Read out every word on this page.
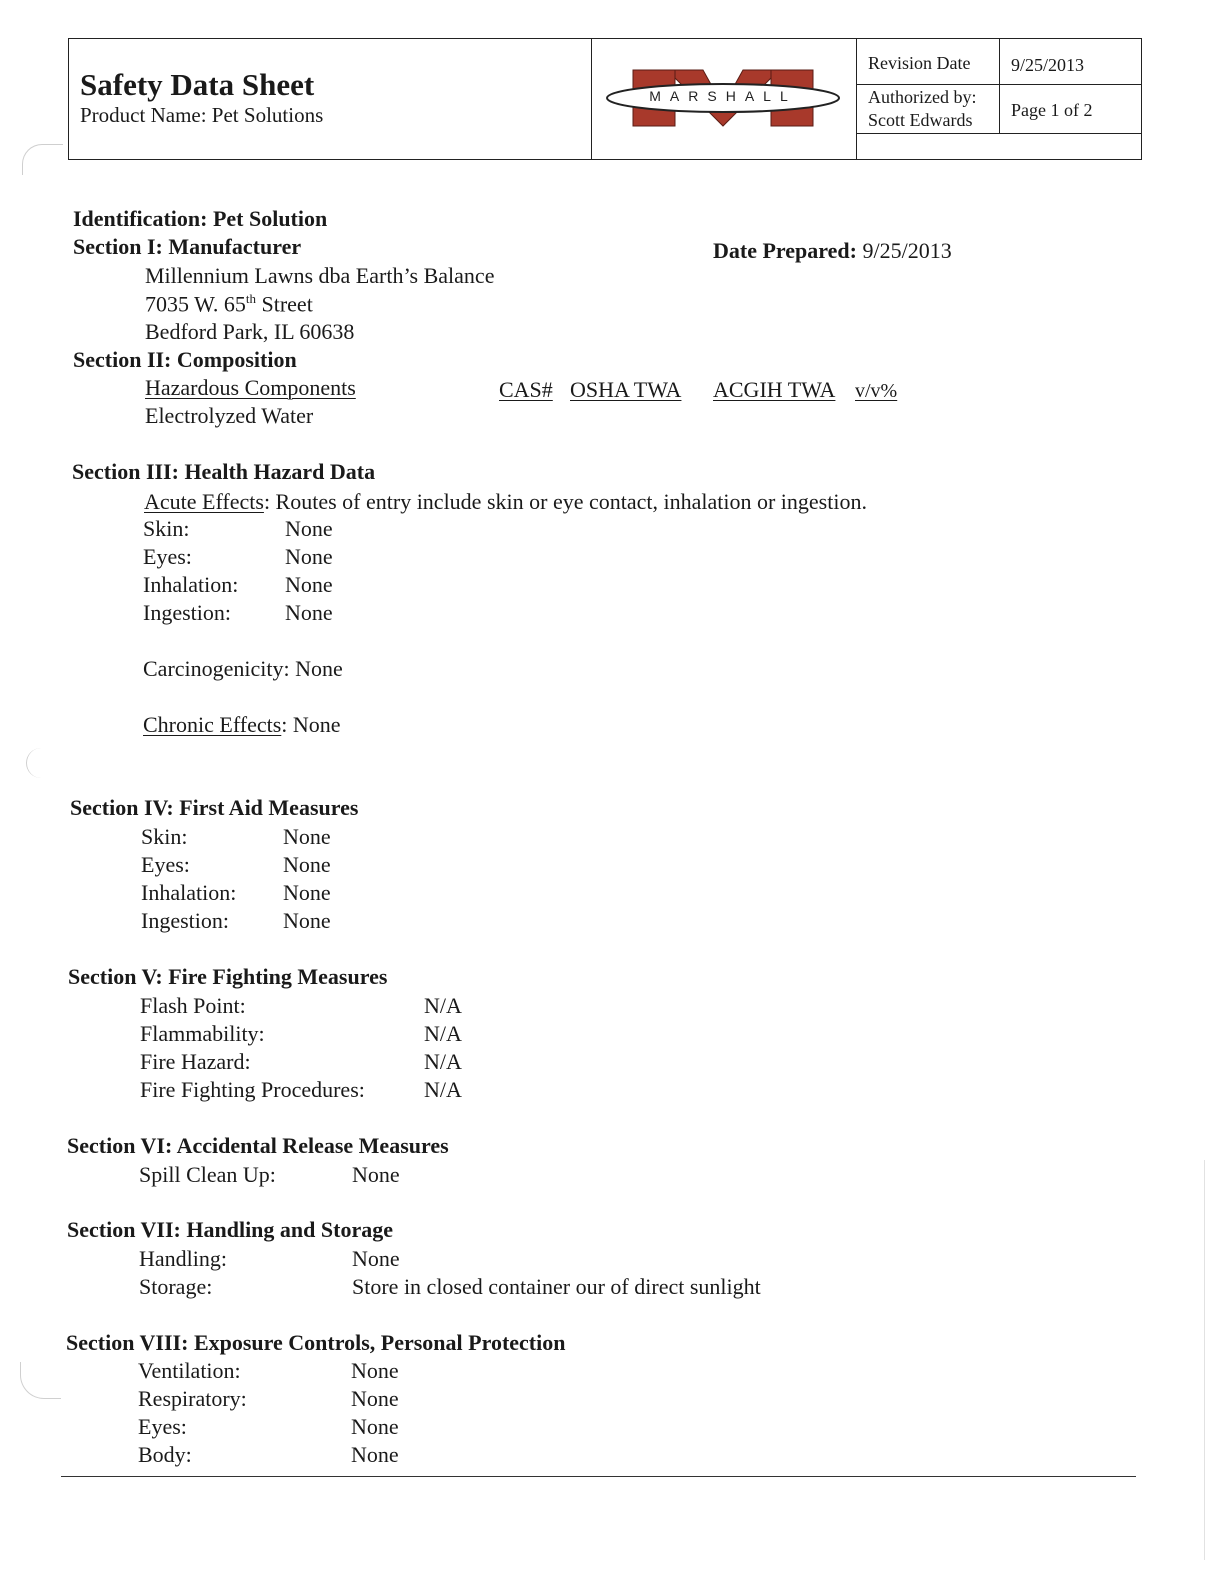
Safety Data Sheet
Product Name: Pet Solutions
Revision Date 9/25/2013
Authorized by:
Scott Edwards Page 1 of 2
MARSHALL
Identification: Pet Solution
Section I: Manufacturer	Date Prepared: 9/25/2013
Millennium Lawns dba Earth’s Balance
7035 W. 65th Street
Bedford Park, IL 60638
Section II: Composition
Hazardous Components	CAS# OSHA TWA ACGIH TWA v/v%
Electrolyzed Water
Section III: Health Hazard Data
Acute Effects: Routes of entry include skin or eye contact, inhalation or ingestion.
Skin:	None
Eyes:	None
Inhalation: None
Ingestion: None
Carcinogenicity: None
Chronic Effects: None
Section IV: First Aid Measures
Skin:	None
Eyes:	None
Inhalation: None
Ingestion: None
Section V: Fire Fighting Measures
Flash Point:	N/A
Flammability:	N/A
Fire Hazard:	N/A
Fire Fighting Procedures:	N/A
Section VI: Accidental Release Measures
Spill Clean Up:	None
Section VII: Handling and Storage
Handling:	None
Storage:	Store in closed container our of direct sunlight
Section VIII: Exposure Controls, Personal Protection
Ventilation:	None
Respiratory:	None
Eyes:	None
Body:	None
